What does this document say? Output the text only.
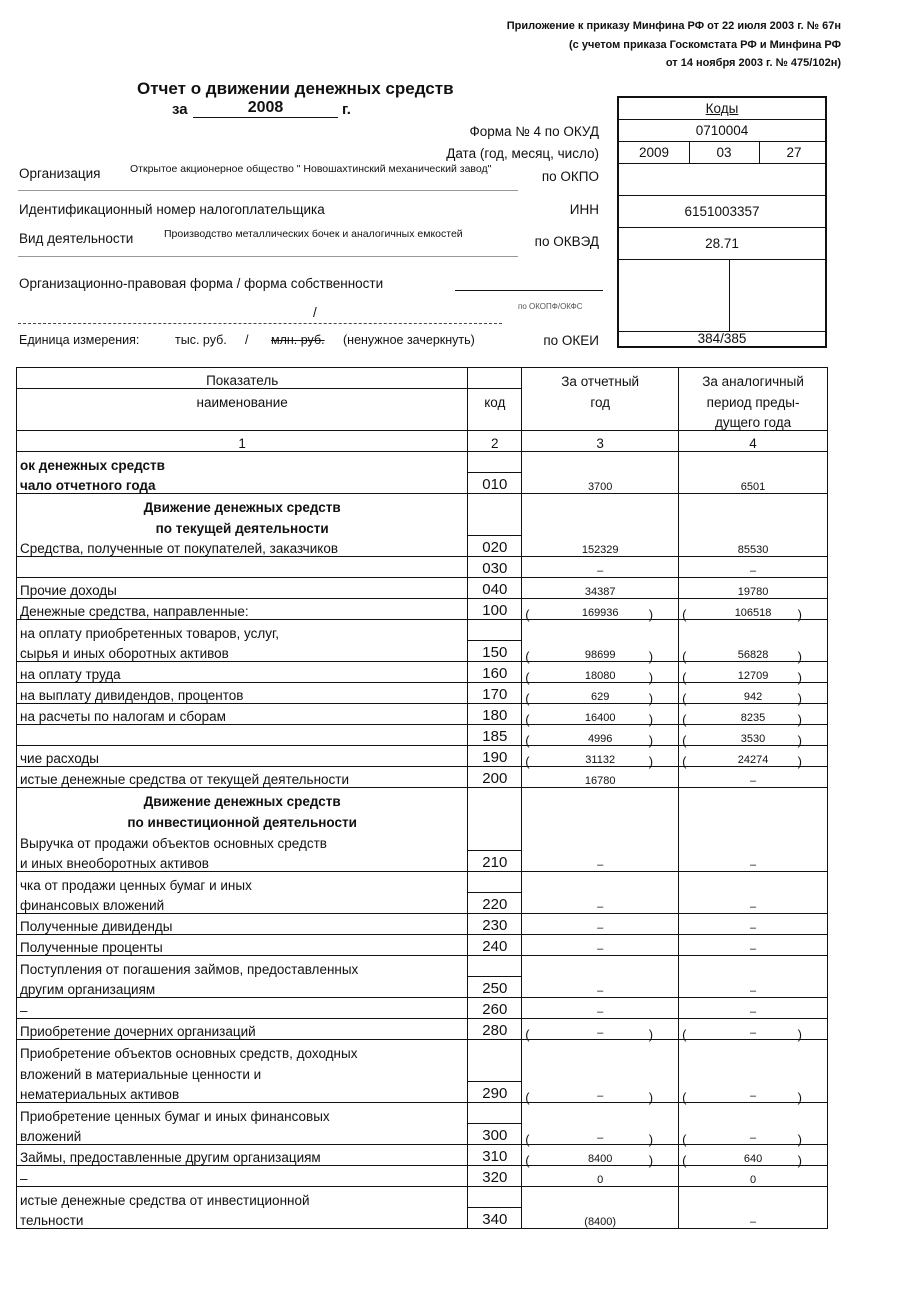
Приложение к приказу Минфина РФ от 22 июля 2003 г. № 67н
(с учетом приказа Госкомстата РФ и Минфина РФ
от 14 ноября 2003 г. № 475/102н)
Отчет о движении денежных средств
за	2008	г.
Форма № 4 по ОКУД
Дата (год, месяц, число)
Организация	Открытое акционерное общество " Новошахтинский механический завод"	по ОКПО
Идентификационный номер налогоплательщика	ИНН
Вид деятельности	Производство металлических бочек и аналогичных емкостей	по ОКВЭД
Организационно-правовая форма / форма собственности
/	по ОКОПФ/ОКФС
Единица измерения:	тыс. руб. / млн. руб. (ненужное зачеркнуть)	по ОКЕИ
Коды
0710004
2009	03	27
6151003357
28.71
384/385
Показатель		За отчетный	За аналогичный
наименование	код	год	период преды-
			дущего года
1	2	3	4
ок денежных средств			
чало отчетного года	010	3700	6501
Движение денежных средств			
по текущей деятельности			
Средства, полученные от покупателей, заказчиков	020	152329	85530
	030	–	–
Прочие доходы	040	34387	19780
Денежные средства, направленные:	100	( 169936 )	( 106518 )
на оплату приобретенных товаров, услуг,			
сырья и иных оборотных активов	150	( 98699 )	( 56828 )
на оплату труда	160	( 18080 )	( 12709 )
на выплату дивидендов, процентов	170	( 629 )	( 942 )
на расчеты по налогам и сборам	180	( 16400 )	( 8235 )
	185	( 4996 )	( 3530 )
чие расходы	190	( 31132 )	( 24274 )
истые денежные средства от текущей деятельности	200	16780	–
Движение денежных средств			
по инвестиционной деятельности			
Выручка от продажи объектов основных средств			
и иных внеоборотных активов	210	–	–
чка от продажи ценных бумаг и иных			
финансовых вложений	220	–	–
Полученные дивиденды	230	–	–
Полученные проценты	240	–	–
Поступления от погашения займов, предоставленных			
другим организациям	250	–	–
–	260	–	–
Приобретение дочерних организаций	280	( – )	( – )
Приобретение объектов основных средств, доходных			
вложений в материальные ценности и			
нематериальных активов	290	( – )	( – )
Приобретение ценных бумаг и иных финансовых			
вложений	300	( – )	( – )
Займы, предоставленные другим организациям	310	( 8400 )	( 640 )
–	320	0	0
истые денежные средства от инвестиционной			
тельности	340	(8400)	–
